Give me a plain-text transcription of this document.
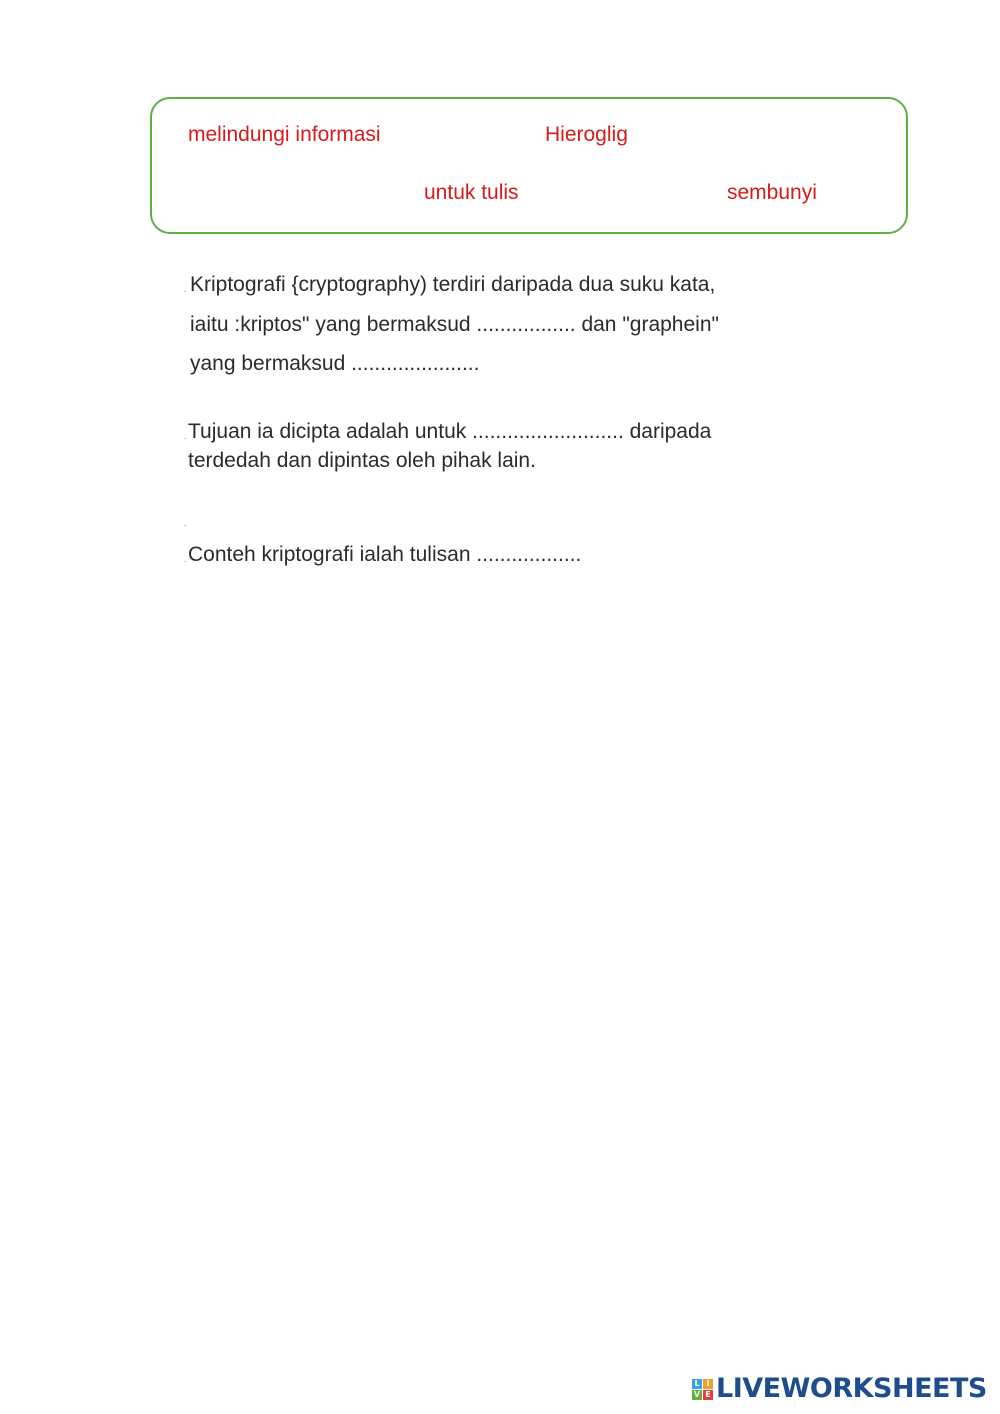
melindungi informasi	Hieroglig
untuk tulis	sembunyi
. Kriptografi {cryptography) terdiri daripada dua suku kata,
iaitu :kriptos" yang bermaksud ................. dan "graphein"
yang bermaksud ......................
. Tujuan ia dicipta adalah untuk .......................... daripada
terdedah dan dipintas oleh pihak lain.
.
. Conteh kriptografi ialah tulisan ..................
L I
V E LIVEWORKSHEETS
